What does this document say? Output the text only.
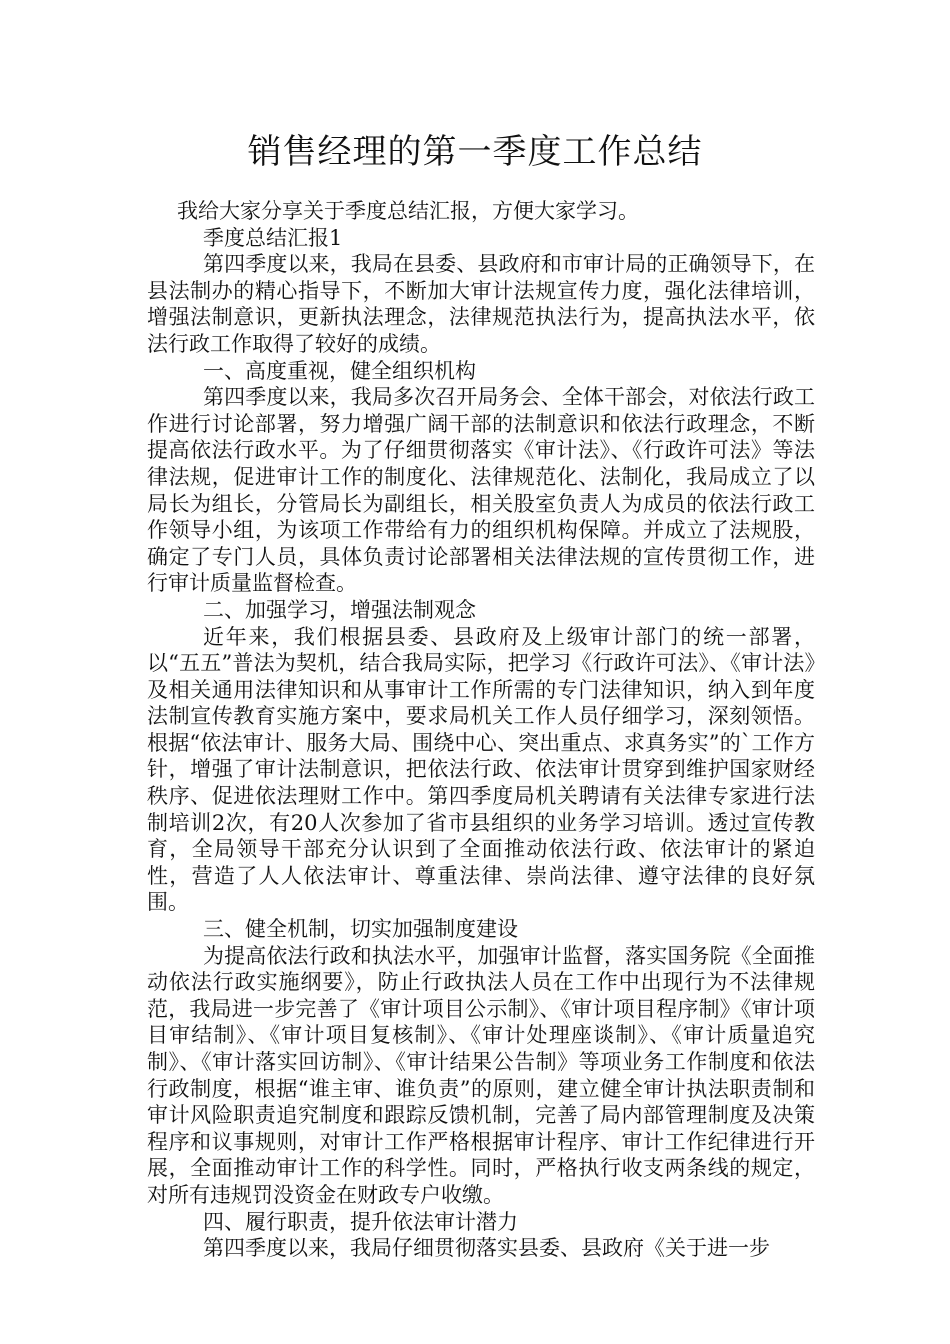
销售经理的第一季度工作总结

我给大家分享关于季度总结汇报，方便大家学习。

季度总结汇报1

第四季度以来，我局在县委、县政府和市审计局的正确领导下，在县法制办的精心指导下，不断加大审计法规宣传力度，强化法律培训，增强法制意识，更新执法理念，法律规范执法行为，提高执法水平，依法行政工作取得了较好的成绩。

一、高度重视，健全组织机构

第四季度以来，我局多次召开局务会、全体干部会，对依法行政工作进行讨论部署，努力增强广阔干部的法制意识和依法行政理念，不断提高依法行政水平。为了仔细贯彻落实《审计法》、《行政许可法》等法律法规，促进审计工作的制度化、法律规范化、法制化，我局成立了以局长为组长，分管局长为副组长，相关股室负责人为成员的依法行政工作领导小组，为该项工作带给有力的组织机构保障。并成立了法规股，确定了专门人员，具体负责讨论部署相关法律法规的宣传贯彻工作，进行审计质量监督检查。

二、加强学习，增强法制观念

近年来，我们根据县委、县政府及上级审计部门的统一部署，以“五五”普法为契机，结合我局实际，把学习《行政许可法》、《审计法》及相关通用法律知识和从事审计工作所需的专门法律知识，纳入到年度法制宣传教育实施方案中，要求局机关工作人员仔细学习，深刻领悟。根据“依法审计、服务大局、围绕中心、突出重点、求真务实”的`工作方针，增强了审计法制意识，把依法行政、依法审计贯穿到维护国家财经秩序、促进依法理财工作中。第四季度局机关聘请有关法律专家进行法制培训2次，有20人次参加了省市县组织的业务学习培训。透过宣传教育，全局领导干部充分认识到了全面推动依法行政、依法审计的紧迫性，营造了人人依法审计、尊重法律、崇尚法律、遵守法律的良好氛围。

三、健全机制，切实加强制度建设

为提高依法行政和执法水平，加强审计监督，落实国务院《全面推动依法行政实施纲要》，防止行政执法人员在工作中出现行为不法律规范，我局进一步完善了《审计项目公示制》、《审计项目程序制》《审计项目审结制》、《审计项目复核制》、《审计处理座谈制》、《审计质量追究制》、《审计落实回访制》、《审计结果公告制》等项业务工作制度和依法行政制度，根据“谁主审、谁负责”的原则，建立健全审计执法职责制和审计风险职责追究制度和跟踪反馈机制，完善了局内部管理制度及决策程序和议事规则，对审计工作严格根据审计程序、审计工作纪律进行开展，全面推动审计工作的科学性。同时，严格执行收支两条线的规定，对所有违规罚没资金在财政专户收缴。

四、履行职责，提升依法审计潜力

第四季度以来，我局仔细贯彻落实县委、县政府《关于进一步
